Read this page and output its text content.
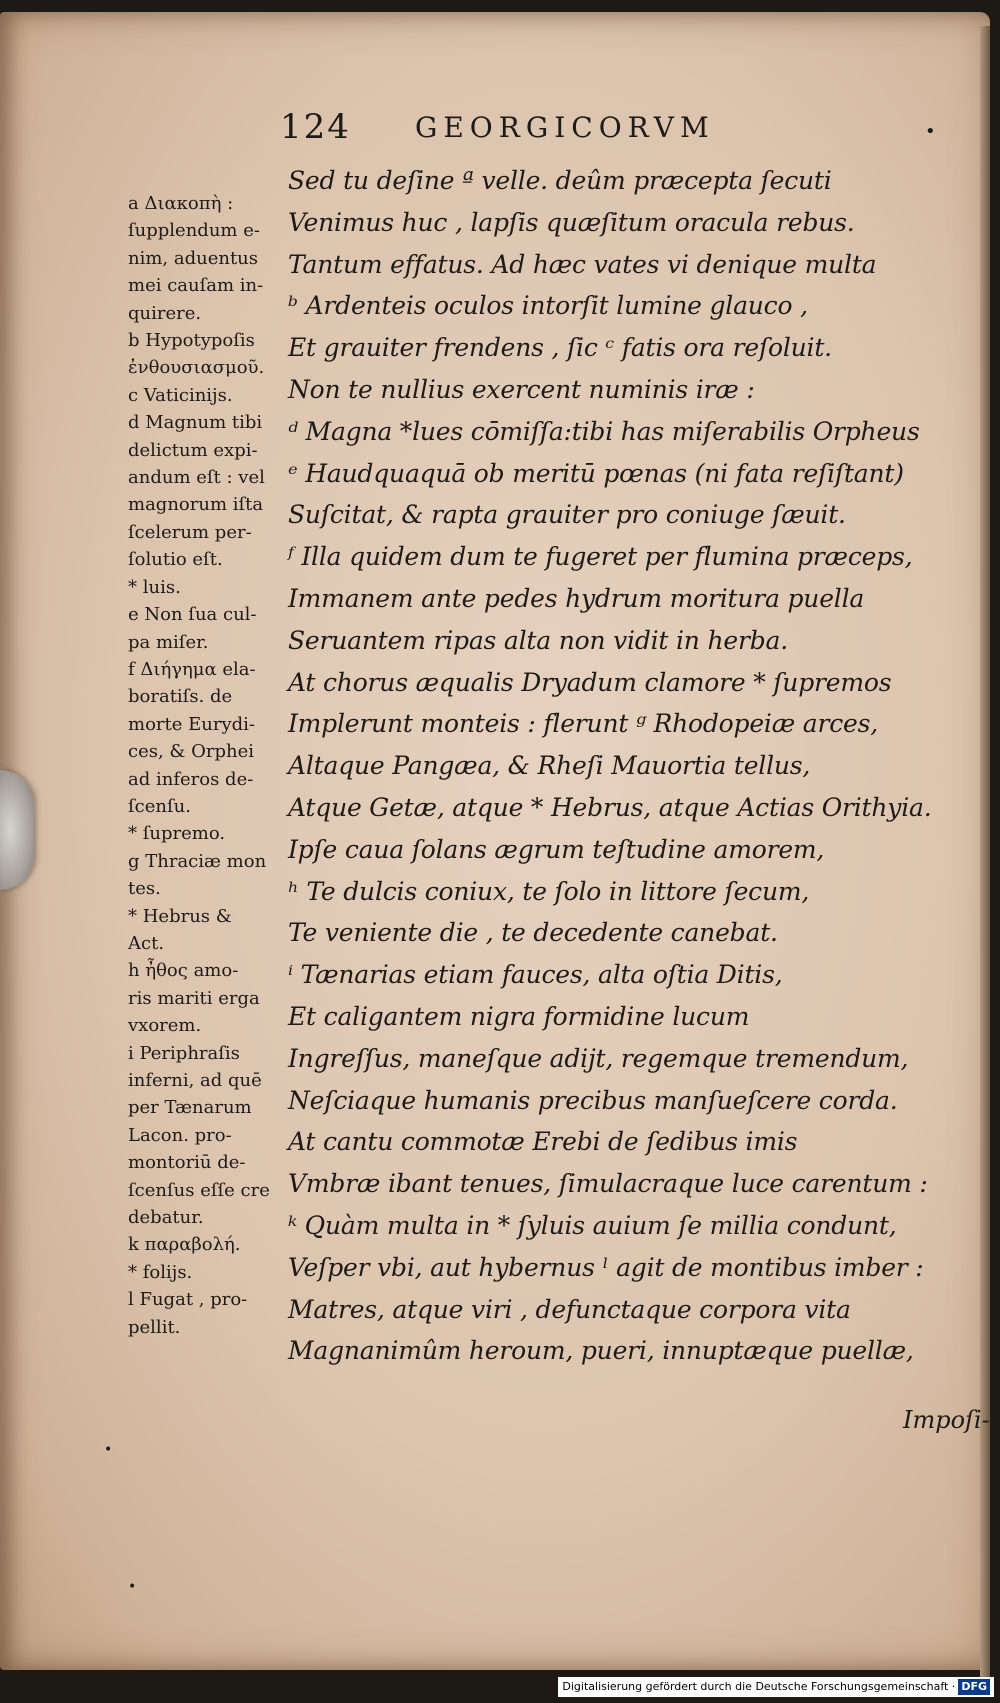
124 GEORGICORVM	•
a Διακοπὴ :
ſupplendum e-
nim, aduentus
mei cauſam in-
quirere.
b Hypotypoſis
ἐνθουσιασμοῦ.
c Vaticinijs.
d Magnum tibi
delictum expi-
andum eſt : vel
magnorum iſta
ſcelerum per-
ſolutio eſt.
* luis.
e Non ſua cul-
pa miſer.
f Διήγημα ela-
boratiſs. de
morte Eurydi-
ces, & Orphei
ad inferos de-
ſcenſu.
* ſupremo.
g Thraciæ mon
tes.
* Hebrus &
Act.
h ἦθος amo-
ris mariti erga
vxorem.
i Periphraſis
inferni, ad quē
per Tænarum
Lacon. pro-
montoriū de-
ſcenſus eſſe cre
debatur.
k παραβολή.
* folijs.
l Fugat , pro-
pellit.
Sed tu deſine ª velle. deûm præcepta ſecuti
Venimus huc , lapſis quæſitum oracula rebus.
Tantum effatus. Ad hæc vates vi denique multa
ᵇ Ardenteis oculos intorſit lumine glauco ,
Et grauiter frendens , ſic ᶜ fatis ora reſoluit.
Non te nullius exercent numinis iræ :
ᵈ Magna *lues cōmiſſa:tibi has miſerabilis Orpheus
ᵉ Haudquaquā ob meritū pœnas (ni fata reſiſtant)
Suſcitat, & rapta grauiter pro coniuge ſæuit.
ᶠ Illa quidem dum te fugeret per flumina præceps,
Immanem ante pedes hydrum moritura puella
Seruantem ripas alta non vidit in herba.
At chorus æqualis Dryadum clamore * ſupremos
Implerunt monteis : flerunt ᵍ Rhodopeiæ arces,
Altaque Pangæa, & Rheſi Mauortia tellus,
Atque Getæ, atque * Hebrus, atque Actias Orithyia.
Ipſe caua ſolans ægrum teſtudine amorem,
ʰ Te dulcis coniux, te ſolo in littore ſecum,
Te veniente die , te decedente canebat.
ⁱ Tænarias etiam fauces, alta oſtia Ditis,
Et caligantem nigra formidine lucum
Ingreſſus, maneſque adijt, regemque tremendum,
Neſciaque humanis precibus manſueſcere corda.
At cantu commotæ Erebi de ſedibus imis
Vmbræ ibant tenues, ſimulacraque luce carentum :
ᵏ Quàm multa in * ſyluis auium ſe millia condunt,
Veſper vbi, aut hybernus ˡ agit de montibus imber :
Matres, atque viri , defunctaque corpora vita
Magnanimûm heroum, pueri, innuptæque puellæ,
Impoſi-
•
•
Digitalisierung gefördert durch die Deutsche Forschungsgemeinschaft · DFG
